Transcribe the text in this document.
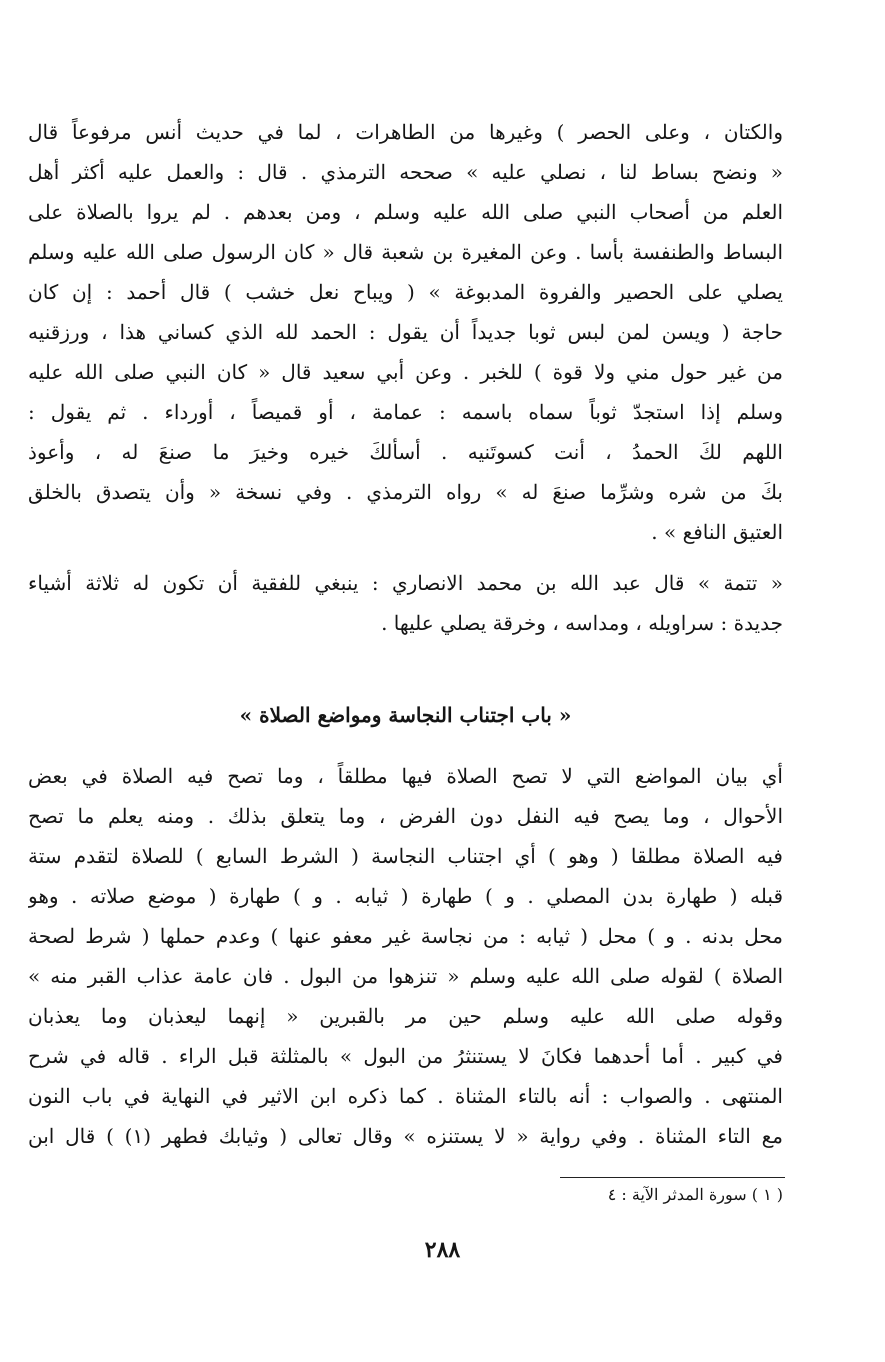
والكتان ، وعلى الحصر ) وغيرها من الطاهرات ، لما في حديث أنس مرفوعاً قال
« ونضح بساط لنا ، نصلي عليه » صححه الترمذي . قال : والعمل عليه أكثر أهل
العلم من أصحاب النبي صلى الله عليه وسلم ، ومن بعدهم . لم يروا بالصلاة على
البساط والطنفسة بأسا . وعن المغيرة بن شعبة قال « كان الرسول صلى الله عليه وسلم
يصلي على الحصير والفروة المدبوغة » ( ويباح نعل خشب ) قال أحمد : إن كان
حاجة ( ويسن لمن لبس ثوبا جديداً أن يقول : الحمد لله الذي كساني هذا ، ورزقنيه
من غير حول مني ولا قوة ) للخبر . وعن أبي سعيد قال « كان النبي صلى الله عليه
وسلم إذا استجدّ ثوباً سماه باسمه : عمامة ، أو قميصاً ، أورداء . ثم يقول :
اللهم لكَ الحمدُ ، أنت كسوتَنيه . أسألكَ خيره وخيرَ ما صنعَ له ، وأعوذ
بكَ من شره وشرِّما صنعَ له » رواه الترمذي . وفي نسخة « وأن يتصدق بالخلق
العتيق النافع » .
« تتمة » قال عبد الله بن محمد الانصاري : ينبغي للفقية أن تكون له ثلاثة أشياء
جديدة : سراويله ، ومداسه ، وخرقة يصلي عليها .
« باب اجتناب النجاسة ومواضع الصلاة »
أي بيان المواضع التي لا تصح الصلاة فيها مطلقاً ، وما تصح فيه الصلاة في بعض
الأحوال ، وما يصح فيه النفل دون الفرض ، وما يتعلق بذلك . ومنه يعلم ما تصح
فيه الصلاة مطلقا ( وهو ) أي اجتناب النجاسة ( الشرط السابع ) للصلاة لتقدم ستة
قبله ( طهارة بدن المصلي . و ) طهارة ( ثيابه . و ) طهارة ( موضع صلاته . وهو
محل بدنه . و ) محل ( ثيابه : من نجاسة غير معفو عنها ) وعدم حملها ( شرط لصحة
الصلاة ) لقوله صلى الله عليه وسلم « تنزهوا من البول . فان عامة عذاب القبر منه »
وقوله صلى الله عليه وسلم حين مر بالقبرين « إنهما ليعذبان وما يعذبان
في كبير . أما أحدهما فكانَ لا يستنثرُ من البول » بالمثلثة قبل الراء . قاله في شرح
المنتهى . والصواب : أنه بالتاء المثناة . كما ذكره ابن الاثير في النهاية في باب النون
مع التاء المثناة . وفي رواية « لا يستنزه » وقال تعالى ( وثيابك فطهر (١) ) قال ابن
( ١ ) سورة المدثر الآية : ٤
٢٨٨
